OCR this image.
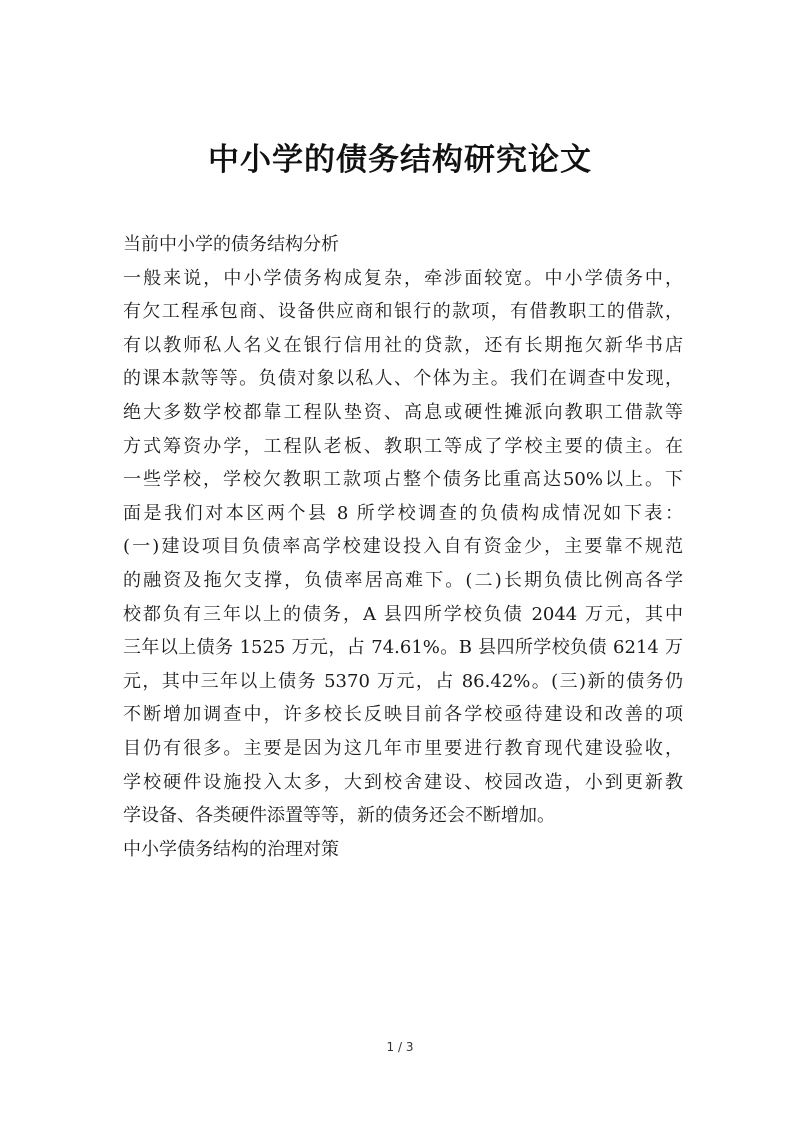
中小学的债务结构研究论文
当前中小学的债务结构分析
一般来说，中小学债务构成复杂，牵涉面较宽。中小学债务中，
有欠工程承包商、设备供应商和银行的款项，有借教职工的借款，
有以教师私人名义在银行信用社的贷款，还有长期拖欠新华书店
的课本款等等。负债对象以私人、个体为主。我们在调查中发现，
绝大多数学校都靠工程队垫资、高息或硬性摊派向教职工借款等
方式筹资办学，工程队老板、教职工等成了学校主要的债主。在
一些学校，学校欠教职工款项占整个债务比重高达50%以上。下
面是我们对本区两个县 8 所学校调查的负债构成情况如下表：
(一)建设项目负债率高学校建设投入自有资金少，主要靠不规范
的融资及拖欠支撑，负债率居高难下。(二)长期负债比例高各学
校都负有三年以上的债务，A 县四所学校负债 2044 万元，其中
三年以上债务 1525 万元，占 74.61%。B 县四所学校负债 6214 万
元，其中三年以上债务 5370 万元，占 86.42%。(三)新的债务仍
不断增加调查中，许多校长反映目前各学校亟待建设和改善的项
目仍有很多。主要是因为这几年市里要进行教育现代建设验收，
学校硬件设施投入太多，大到校舍建设、校园改造，小到更新教
学设备、各类硬件添置等等，新的债务还会不断增加。
中小学债务结构的治理对策
1 / 3
